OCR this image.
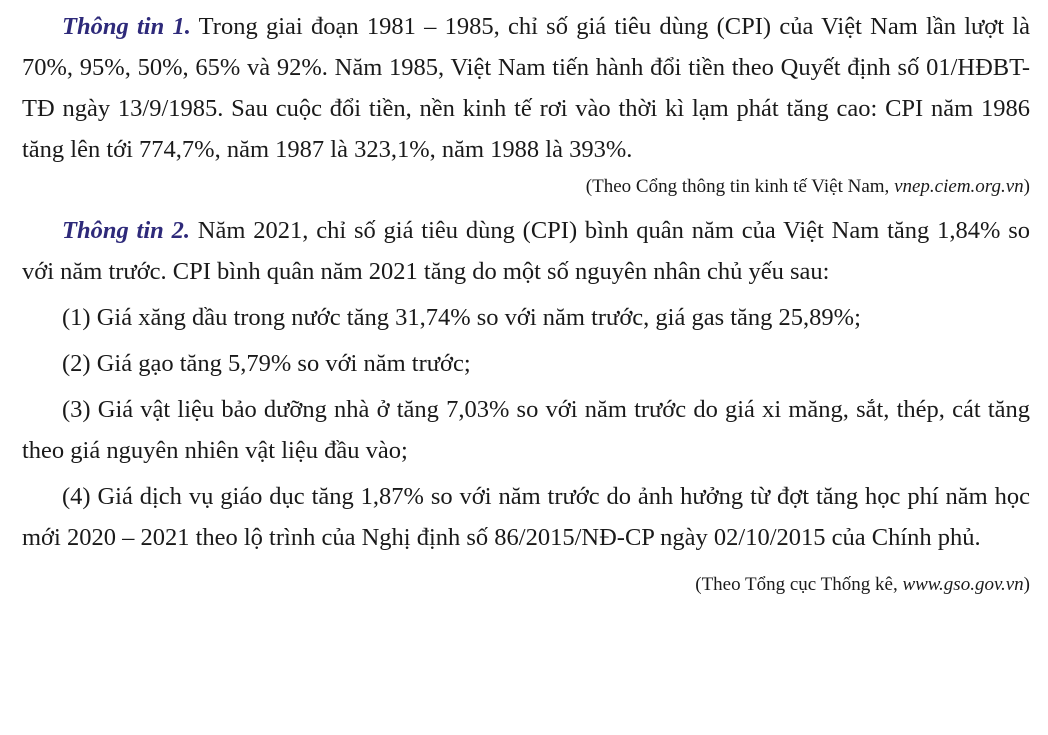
Thông tin 1. Trong giai đoạn 1981 – 1985, chỉ số giá tiêu dùng (CPI) của Việt Nam lần lượt là 70%, 95%, 50%, 65% và 92%. Năm 1985, Việt Nam tiến hành đổi tiền theo Quyết định số 01/HĐBT-TĐ ngày 13/9/1985. Sau cuộc đổi tiền, nền kinh tế rơi vào thời kì lạm phát tăng cao: CPI năm 1986 tăng lên tới 774,7%, năm 1987 là 323,1%, năm 1988 là 393%.

(Theo Cổng thông tin kinh tế Việt Nam, vnep.ciem.org.vn)

Thông tin 2. Năm 2021, chỉ số giá tiêu dùng (CPI) bình quân năm của Việt Nam tăng 1,84% so với năm trước. CPI bình quân năm 2021 tăng do một số nguyên nhân chủ yếu sau:

(1) Giá xăng dầu trong nước tăng 31,74% so với năm trước, giá gas tăng 25,89%;

(2) Giá gạo tăng 5,79% so với năm trước;

(3) Giá vật liệu bảo dưỡng nhà ở tăng 7,03% so với năm trước do giá xi măng, sắt, thép, cát tăng theo giá nguyên nhiên vật liệu đầu vào;

(4) Giá dịch vụ giáo dục tăng 1,87% so với năm trước do ảnh hưởng từ đợt tăng học phí năm học mới 2020 – 2021 theo lộ trình của Nghị định số 86/2015/NĐ-CP ngày 02/10/2015 của Chính phủ.

(Theo Tổng cục Thống kê, www.gso.gov.vn)
